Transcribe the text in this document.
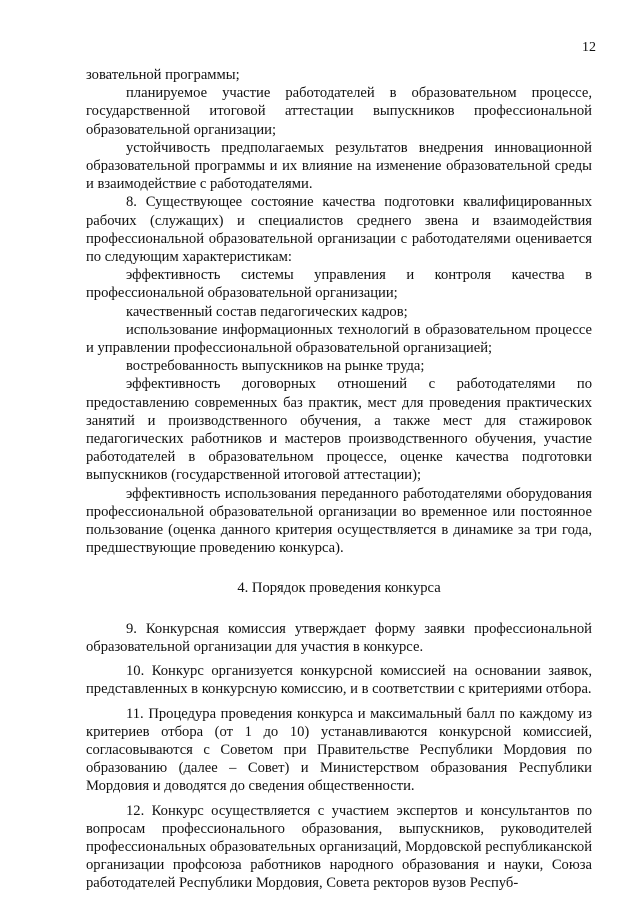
12

зовательной программы;

планируемое участие работодателей в образовательном процессе, государственной итоговой аттестации выпускников профессиональной образовательной организации;

устойчивость предполагаемых результатов внедрения инновационной образовательной программы и их влияние на изменение образовательной среды и взаимодействие с работодателями.

8. Существующее состояние качества подготовки квалифицированных рабочих (служащих) и специалистов среднего звена и взаимодействия профессиональной образовательной организации с работодателями оценивается по следующим характеристикам:

эффективность системы управления и контроля качества в профессиональной образовательной организации;

качественный состав педагогических кадров;

использование информационных технологий в образовательном процессе и управлении профессиональной образовательной организацией;

востребованность выпускников на рынке труда;

эффективность договорных отношений с работодателями по предоставлению современных баз практик, мест для проведения практических занятий и производственного обучения, а также мест для стажировок педагогических работников и мастеров производственного обучения, участие работодателей в образовательном процессе, оценке качества подготовки выпускников (государственной итоговой аттестации);

эффективность использования переданного работодателями оборудования профессиональной образовательной организации во временное или постоянное пользование (оценка данного критерия осуществляется в динамике за три года, предшествующие проведению конкурса).

4. Порядок проведения конкурса

9. Конкурсная комиссия утверждает форму заявки профессиональной образовательной организации для участия в конкурсе.

10. Конкурс организуется конкурсной комиссией на основании заявок, представленных в конкурсную комиссию, и в соответствии с критериями отбора.

11. Процедура проведения конкурса и максимальный балл по каждому из критериев отбора (от 1 до 10) устанавливаются конкурсной комиссией, согласовываются с Советом при Правительстве Республики Мордовия по образованию (далее – Совет) и Министерством образования Республики Мордовия и доводятся до сведения общественности.

12. Конкурс осуществляется с участием экспертов и консультантов по вопросам профессионального образования, выпускников, руководителей профессиональных образовательных организаций, Мордовской республиканской организации профсоюза работников народного образования и науки, Союза работодателей Республики Мордовия, Совета ректоров вузов Респуб-
